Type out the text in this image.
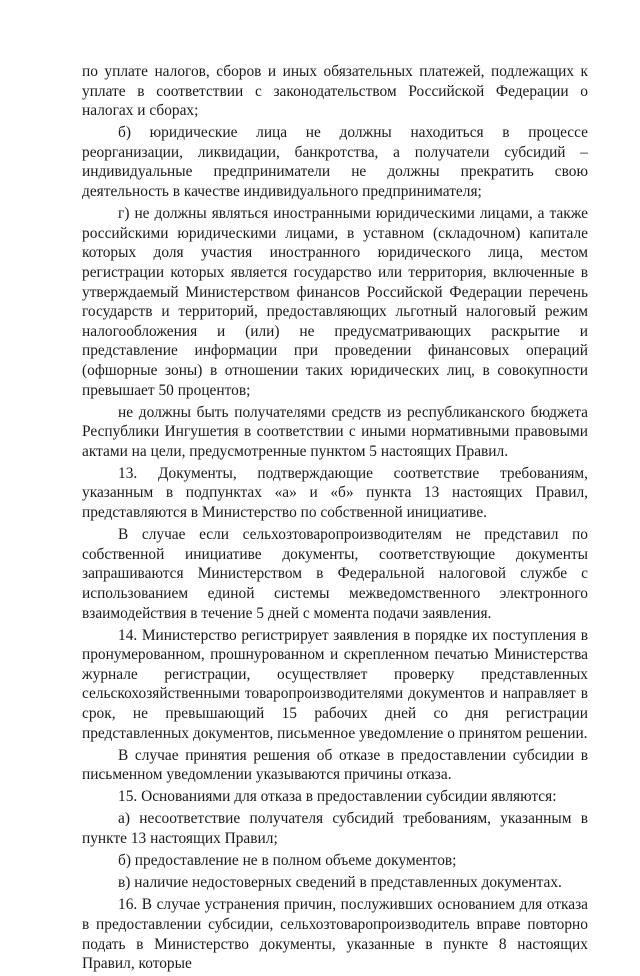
по уплате налогов, сборов и иных обязательных платежей, подлежащих к уплате в соответствии с законодательством Российской Федерации о налогах и сборах;

б) юридические лица не должны находиться в процессе реорганизации, ликвидации, банкротства, а получатели субсидий – индивидуальные предприниматели не должны прекратить свою деятельность в качестве индивидуального предпринимателя;

г) не должны являться иностранными юридическими лицами, а также российскими юридическими лицами, в уставном (складочном) капитале которых доля участия иностранного юридического лица, местом регистрации которых является государство или территория, включенные в утверждаемый Министерством финансов Российской Федерации перечень государств и территорий, предоставляющих льготный налоговый режим налогообложения и (или) не предусматривающих раскрытие и представление информации при проведении финансовых операций (офшорные зоны) в отношении таких юридических лиц, в совокупности превышает 50 процентов;

не должны быть получателями средств из республиканского бюджета Республики Ингушетия в соответствии с иными нормативными правовыми актами на цели, предусмотренные пунктом 5 настоящих Правил.

13. Документы, подтверждающие соответствие требованиям, указанным в подпунктах «а» и «б» пункта 13 настоящих Правил, представляются в Министерство по собственной инициативе.

В случае если сельхозтоваропроизводителям не представил по собственной инициативе документы, соответствующие документы запрашиваются Министерством в Федеральной налоговой службе с использованием единой системы межведомственного электронного взаимодействия в течение 5 дней с момента подачи заявления.

14. Министерство регистрирует заявления в порядке их поступления в пронумерованном, прошнурованном и скрепленном печатью Министерства журнале регистрации, осуществляет проверку представленных сельскохозяйственными товаропроизводителями документов и направляет в срок, не превышающий 15 рабочих дней со дня регистрации представленных документов, письменное уведомление о принятом решении.

В случае принятия решения об отказе в предоставлении субсидии в письменном уведомлении указываются причины отказа.

15. Основаниями для отказа в предоставлении субсидии являются:

а) несоответствие получателя субсидий требованиям, указанным в пункте 13 настоящих Правил;

б) предоставление не в полном объеме документов;

в) наличие недостоверных сведений в представленных документах.

16. В случае устранения причин, послуживших основанием для отказа в предоставлении субсидии, сельхозтоваропроизводитель вправе повторно подать в Министерство документы, указанные в пункте 8 настоящих Правил, которые
